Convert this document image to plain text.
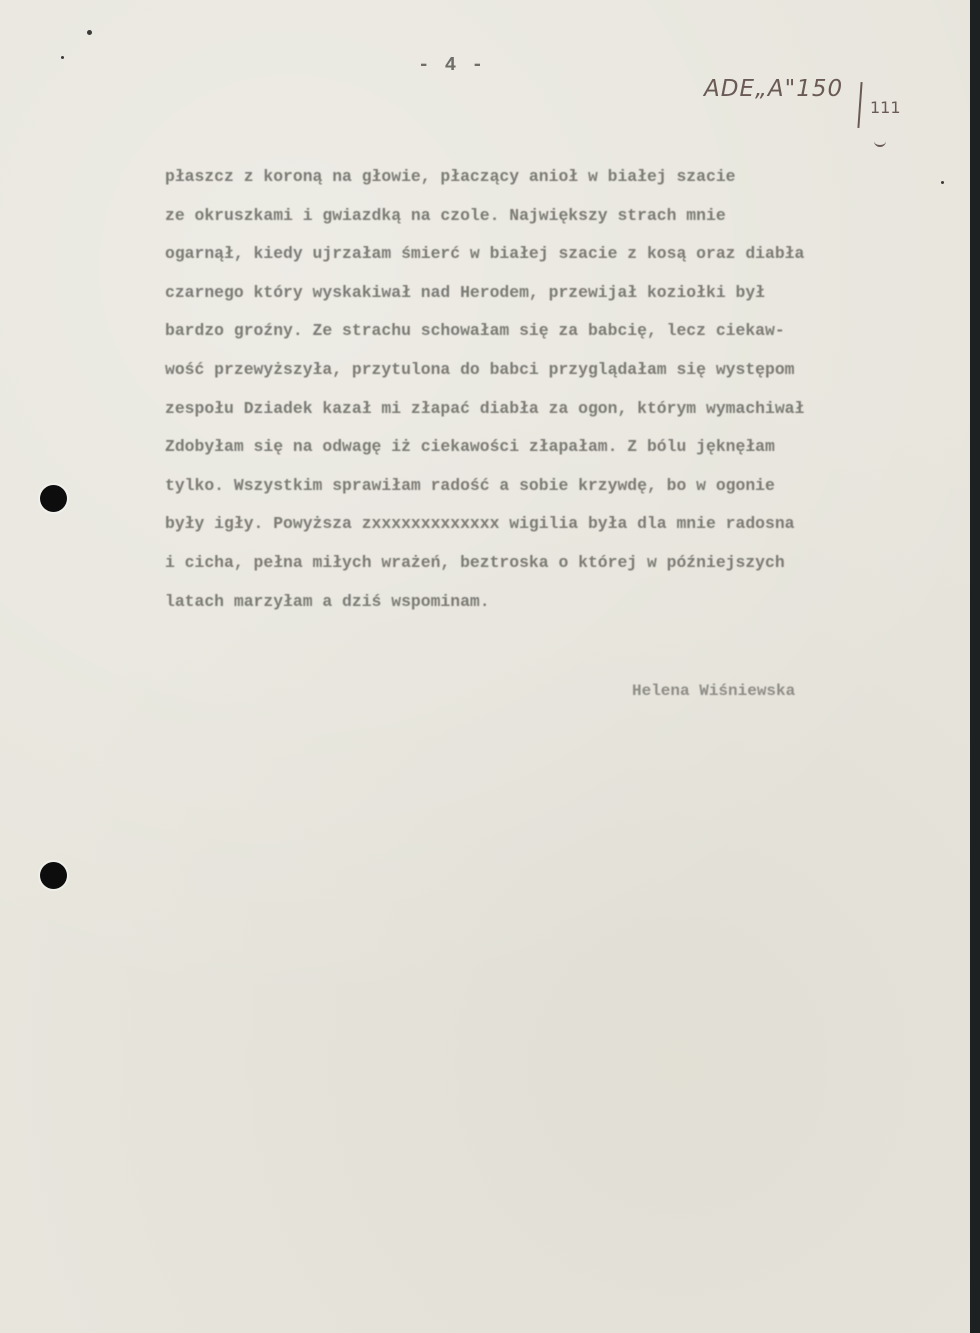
- 4 -
ADE„A"150
111
płaszcz z koroną na głowie, płaczący anioł w białej szacie
ze okruszkami i gwiazdką na czole. Największy strach mnie
ogarnął, kiedy ujrzałam śmierć w białej szacie z kosą oraz diabła
czarnego który wyskakiwał nad Herodem, przewijał koziołki był
bardzo groźny. Ze strachu schowałam się za babcię, lecz ciekaw-
wość przewyższyła, przytulona do babci przyglądałam się występom
zespołu Dziadek kazał mi złapać diabła za ogon, którym wymachiwał
Zdobyłam się na odwagę iż ciekawości złapałam. Z bólu jęknęłam
tylko. Wszystkim sprawiłam radość a sobie krzywdę, bo w ogonie
były igły. Powyższa zxxxxxxxxxxxxx wigilia była dla mnie radosna
i cicha, pełna miłych wrażeń, beztroska o której w późniejszych
latach marzyłam a dziś wspominam.
Helena Wiśniewska
